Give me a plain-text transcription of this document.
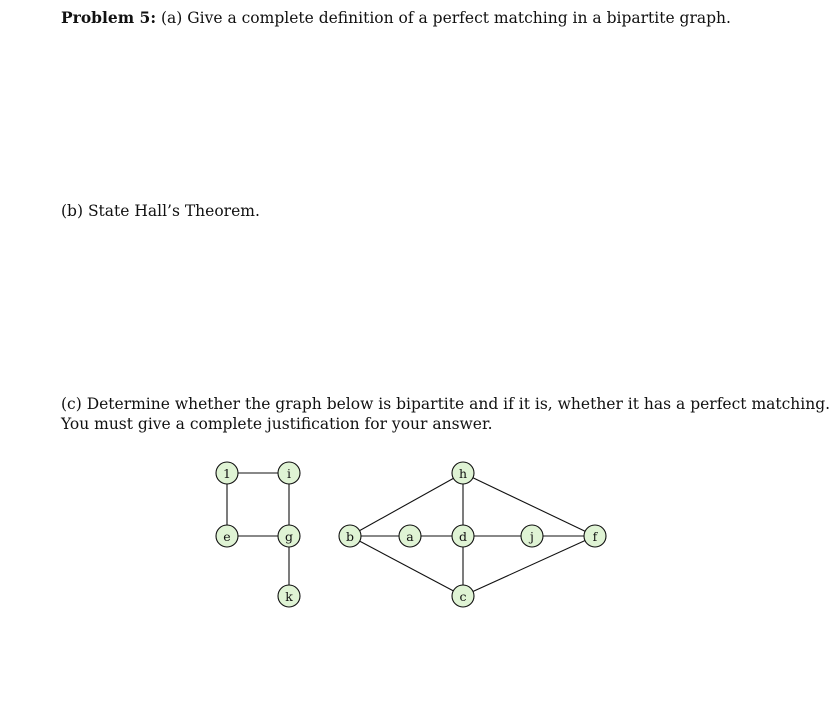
Problem 5: (a) Give a complete definition of a perfect matching in a bipartite graph.
(b) State Hall’s Theorem.
(c) Determine whether the graph below is bipartite and if it is, whether it has a perfect matching.
You must give a complete justification for your answer.
1	i	h
e	g	b	a	d	j	f
k	c
